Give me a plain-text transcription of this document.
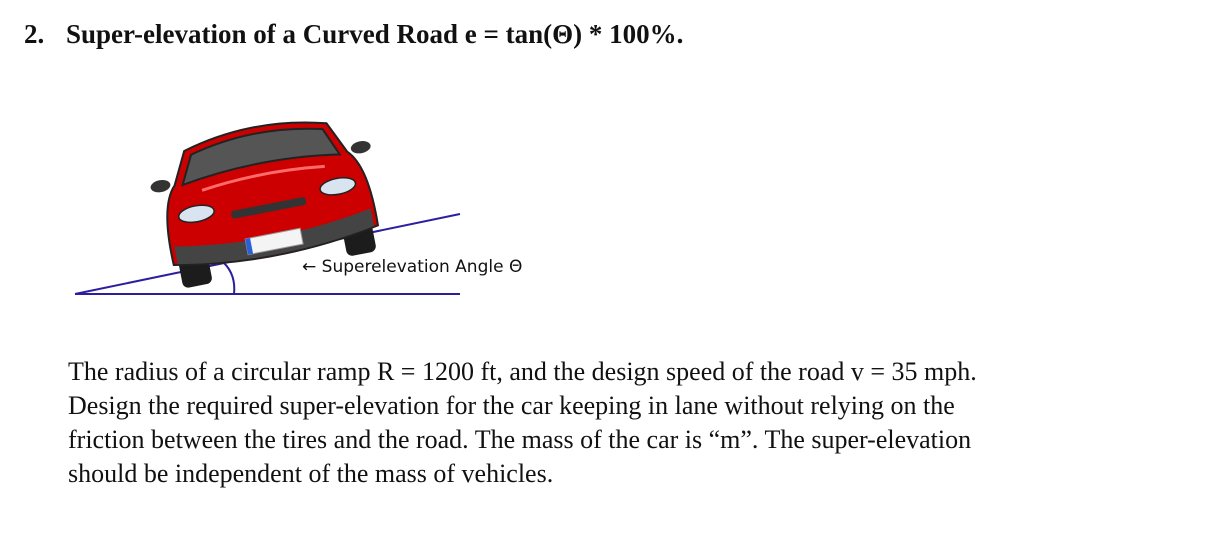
2. Super-elevation of a Curved Road e = tan(Θ) * 100%.
← Superelevation Angle Θ
The radius of a circular ramp R = 1200 ft, and the design speed of the road v = 35 mph.
Design the required super-elevation for the car keeping in lane without relying on the
friction between the tires and the road. The mass of the car is “m”. The super-elevation
should be independent of the mass of vehicles.
